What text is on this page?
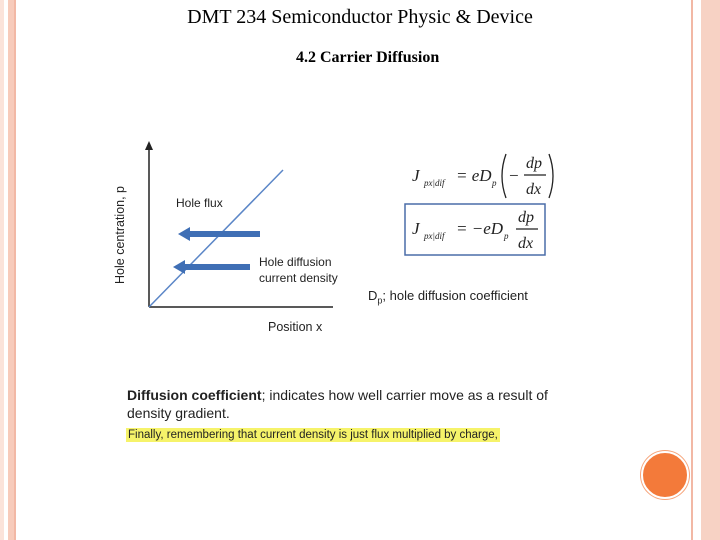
DMT 234 Semiconductor Physic & Device
4.2 Carrier Diffusion
Hole centration, p
Position x
Hole flux
Hole diffusion
current density
J px|dif = eD p −
dp
dx
J px|dif = −eD p
dp
dx
$D_p$; hole diffusion coefficient
Diffusion coefficient; indicates how well carrier move as a result of density gradient.
Finally, remembering that current density is just flux multiplied by charge,
